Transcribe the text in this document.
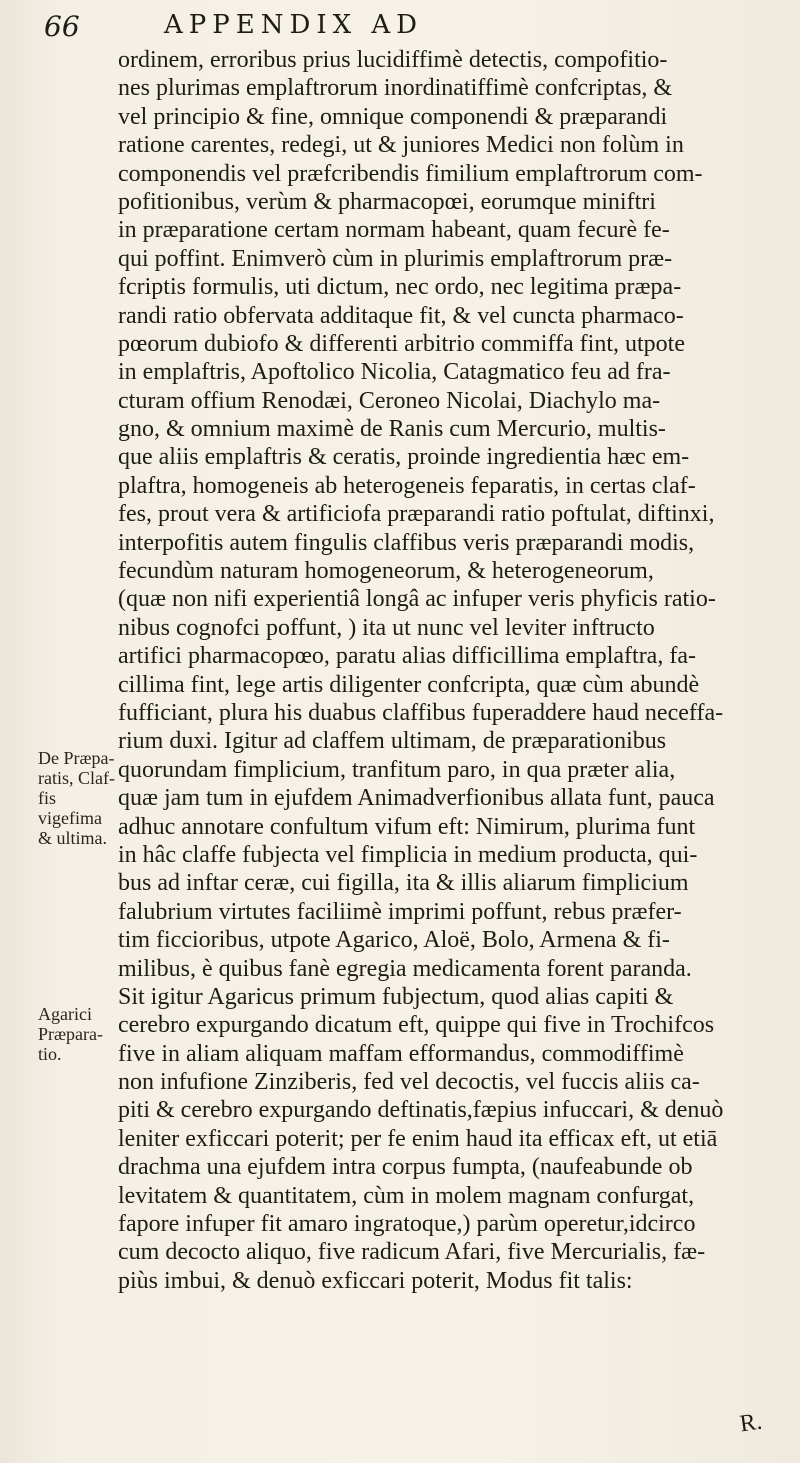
66	APPENDIX AD
De Præpa-
ratis, Claf-
fis vigefima
& ultima.
Agarici
Præpara-
tio.
ordinem, erroribus prius lucidiffimè detectis, compofitio-
nes plurimas emplaftrorum inordinatiffimè confcriptas, &
vel principio & fine, omnique componendi & præparandi
ratione carentes, redegi, ut & juniores Medici non folùm in
componendis vel præfcribendis fimilium emplaftrorum com-
pofitionibus, verùm & pharmacopœi, eorumque miniftri
in præparatione certam normam habeant, quam fecurè fe-
qui poffint. Enimverò cùm in plurimis emplaftrorum præ-
fcriptis formulis, uti dictum, nec ordo, nec legitima præpa-
randi ratio obfervata additaque fit, & vel cuncta pharmaco-
pœorum dubiofo & differenti arbitrio commiffa fint, utpote
in emplaftris, Apoftolico Nicolia, Catagmatico feu ad fra-
cturam offium Renodæi, Ceroneo Nicolai, Diachylo ma-
gno, & omnium maximè de Ranis cum Mercurio, multis-
que aliis emplaftris & ceratis, proinde ingredientia hæc em-
plaftra, homogeneis ab heterogeneis feparatis, in certas claf-
fes, prout vera & artificiofa præparandi ratio poftulat, diftinxi,
interpofitis autem fingulis claffibus veris præparandi modis,
fecundùm naturam homogeneorum, & heterogeneorum,
(quæ non nifi experientiâ longâ ac infuper veris phyficis ratio-
nibus cognofci poffunt, ) ita ut nunc vel leviter inftructo
artifici pharmacopœo, paratu alias difficillima emplaftra, fa-
cillima fint, lege artis diligenter confcripta, quæ cùm abundè
fufficiant, plura his duabus claffibus fuperaddere haud neceffa-
rium duxi. Igitur ad claffem ultimam, de præparationibus
quorundam fimplicium, tranfitum paro, in qua præter alia,
quæ jam tum in ejufdem Animadverfionibus allata funt, pauca
adhuc annotare confultum vifum eft: Nimirum, plurima funt
in hâc claffe fubjecta vel fimplicia in medium producta, qui-
bus ad inftar ceræ, cui figilla, ita & illis aliarum fimplicium
falubrium virtutes faciliimè imprimi poffunt, rebus præfer-
tim ficcioribus, utpote Agarico, Aloë, Bolo, Armena & fi-
milibus, è quibus fanè egregia medicamenta forent paranda.
Sit igitur Agaricus primum fubjectum, quod alias capiti &
cerebro expurgando dicatum eft, quippe qui five in Trochifcos
five in aliam aliquam maffam efformandus, commodiffimè
non infufione Zinziberis, fed vel decoctis, vel fuccis aliis ca-
piti & cerebro expurgando deftinatis,fæpius infuccari, & denuò
leniter exficcari poterit; per fe enim haud ita efficax eft, ut etiā
drachma una ejufdem intra corpus fumpta, (naufeabunde ob
levitatem & quantitatem, cùm in molem magnam confurgat,
fapore infuper fit amaro ingratoque,) parùm operetur,idcirco
cum decocto aliquo, five radicum Afari, five Mercurialis, fæ-
piùs imbui, & denuò exficcari poterit, Modus fit talis:
R.
